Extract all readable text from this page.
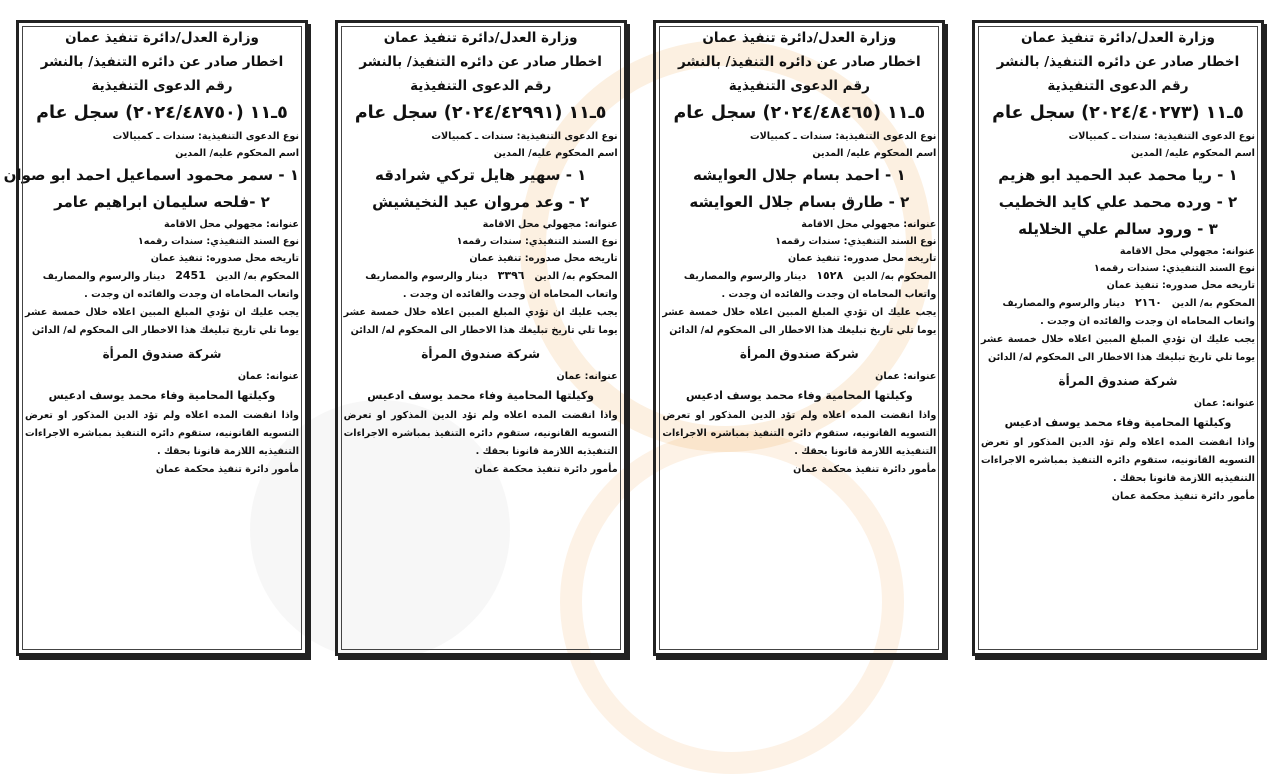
وزارة العدل/دائرة تنفيذ عمان
اخطار صادر عن دائره التنفيذ/ بالنشر
رقم الدعوى التنفيذية
٥ـ١١ (٢٠٢٤/٤٠٢٧٣) سجل عام
نوع الدعوى التنفيذية: سندات ـ كمبيالات
اسم المحكوم عليه/ المدين
١ - ريا محمد عبد الحميد ابو هزيم
٢ - ورده محمد علي كايد الخطيب
٣ - ورود سالم علي الخلايله
عنوانه: مجهولي محل الاقامة
نوع السند التنفيذي: سندات رقمه١
تاريخه محل صدوره: تنفيذ عمان
المحكوم به/ الدين٢١٦٠دينار والرسوم والمصاريف
واتعاب المحاماه ان وجدت والفائده ان وجدت .
يجب عليك ان تؤدي المبلغ المبين اعلاه خلال خمسة عشر يوما تلي تاريخ تبليغك هذا الاخطار الى المحكوم له/ الدائن
شركة صندوق المرأة
عنوانه: عمان
وكيلتها المحامية وفاء محمد يوسف ادعيس
واذا انقضت المده اعلاه ولم تؤد الدين المذكور او تعرض التسويه القانونيه، ستقوم دائره التنفيذ بمباشره الاجراءات التنفيذيه اللازمة قانونا بحقك .
مأمور دائرة تنفيذ محكمة عمان
وزارة العدل/دائرة تنفيذ عمان
اخطار صادر عن دائره التنفيذ/ بالنشر
رقم الدعوى التنفيذية
٥ـ١١ (٢٠٢٤/٤٨٤٦٥) سجل عام
نوع الدعوى التنفيذية: سندات ـ كمبيالات
اسم المحكوم عليه/ المدين
١ - احمد بسام جلال العوايشه
٢ - طارق بسام جلال العوايشه
عنوانه: مجهولي محل الاقامة
نوع السند التنفيذي: سندات رقمه١
تاريخه محل صدوره: تنفيذ عمان
المحكوم به/ الدين١٥٢٨دينار والرسوم والمصاريف
واتعاب المحاماه ان وجدت والفائده ان وجدت .
يجب عليك ان تؤدي المبلغ المبين اعلاه خلال خمسة عشر يوما تلي تاريخ تبليغك هذا الاخطار الى المحكوم له/ الدائن
شركة صندوق المرأة
عنوانه: عمان
وكيلتها المحامية وفاء محمد يوسف ادعيس
واذا انقضت المده اعلاه ولم تؤد الدين المذكور او تعرض التسويه القانونيه، ستقوم دائره التنفيذ بمباشره الاجراءات التنفيذيه اللازمة قانونا بحقك .
مأمور دائرة تنفيذ محكمة عمان
وزارة العدل/دائرة تنفيذ عمان
اخطار صادر عن دائره التنفيذ/ بالنشر
رقم الدعوى التنفيذية
٥ـ١١ (٢٠٢٤/٤٢٩٩١) سجل عام
نوع الدعوى التنفيذية: سندات ـ كمبيالات
اسم المحكوم عليه/ المدين
١ - سهير هايل تركي شرادقه
٢ - وعد مروان عيد النخيشيش
عنوانه: مجهولي محل الاقامة
نوع السند التنفيذي: سندات رقمه١
تاريخه محل صدوره: تنفيذ عمان
المحكوم به/ الدين٣٣٩٦دينار والرسوم والمصاريف
واتعاب المحاماه ان وجدت والفائده ان وجدت .
يجب عليك ان تؤدي المبلغ المبين اعلاه خلال خمسة عشر يوما تلي تاريخ تبليغك هذا الاخطار الى المحكوم له/ الدائن
شركة صندوق المرأة
عنوانه: عمان
وكيلتها المحامية وفاء محمد يوسف ادعيس
واذا انقضت المده اعلاه ولم تؤد الدين المذكور او تعرض التسويه القانونيه، ستقوم دائره التنفيذ بمباشره الاجراءات التنفيذيه اللازمة قانونا بحقك .
مأمور دائرة تنفيذ محكمة عمان
وزارة العدل/دائرة تنفيذ عمان
اخطار صادر عن دائره التنفيذ/ بالنشر
رقم الدعوى التنفيذية
٥ـ١١ (٢٠٢٤/٤٨٧٥٠) سجل عام
نوع الدعوى التنفيذية: سندات ـ كمبيالات
اسم المحكوم عليه/ المدين
١ - سمر محمود اسماعيل احمد ابو صوان
٢ -فلحه سليمان ابراهيم عامر
عنوانه: مجهولي محل الاقامة
نوع السند التنفيذي: سندات رقمه١
تاريخه محل صدوره: تنفيذ عمان
المحكوم به/ الدين2451دينار والرسوم والمصاريف
واتعاب المحاماه ان وجدت والفائده ان وجدت .
يجب عليك ان تؤدي المبلغ المبين اعلاه خلال خمسة عشر يوما تلي تاريخ تبليغك هذا الاخطار الى المحكوم له/ الدائن
شركة صندوق المرأة
عنوانه: عمان
وكيلتها المحامية وفاء محمد يوسف ادعيس
واذا انقضت المده اعلاه ولم تؤد الدين المذكور او تعرض التسويه القانونيه، ستقوم دائره التنفيذ بمباشره الاجراءات التنفيذيه اللازمة قانونا بحقك .
مأمور دائرة تنفيذ محكمة عمان
